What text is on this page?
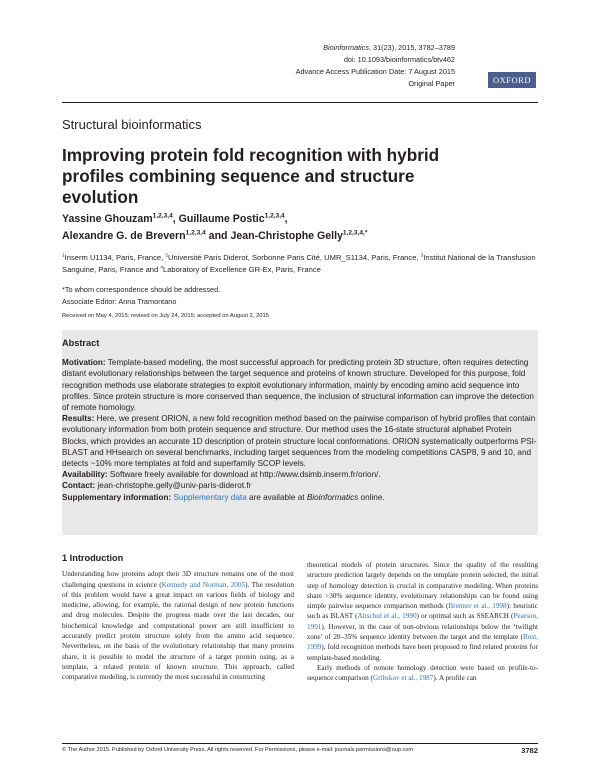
Bioinformatics, 31(23), 2015, 3782–3789
doi: 10.1093/bioinformatics/btv462
Advance Access Publication Date: 7 August 2015
Original Paper	OXFORD
Structural bioinformatics
Improving protein fold recognition with hybrid profiles combining sequence and structure evolution
Yassine Ghouzam$^{1,2,3,4}$, Guillaume Postic$^{1,2,3,4}$,
Alexandre G. de Brevern$^{1,2,3,4}$ and Jean-Christophe Gelly$^{1,2,3,4,*}$
$^1$Inserm U1134, Paris, France, $^2$Université Paris Diderot, Sorbonne Paris Cité, UMR_S1134, Paris, France, $^3$Institut National de la Transfusion Sanguine, Paris, France and $^4$Laboratory of Excellence GR-Ex, Paris, France
*To whom correspondence should be addressed.
Associate Editor: Anna Tramontano
Received on May 4, 2015; revised on July 24, 2015; accepted on August 2, 2015
Abstract

Motivation: Template-based modeling, the most successful approach for predicting protein 3D structure, often requires detecting distant evolutionary relationships between the target sequence and proteins of known structure. Developed for this purpose, fold recognition methods use elaborate strategies to exploit evolutionary information, mainly by encoding amino acid sequence into profiles. Since protein structure is more conserved than sequence, the inclusion of structural information can improve the detection of remote homology.

Results: Here, we present ORION, a new fold recognition method based on the pairwise comparison of hybrid profiles that contain evolutionary information from both protein sequence and structure. Our method uses the 16-state structural alphabet Protein Blocks, which provides an accurate 1D description of protein structure local conformations. ORION systematically outperforms PSI-BLAST and HHsearch on several benchmarks, including target sequences from the modeling competitions CASP8, 9 and 10, and detects ~10% more templates at fold and superfamily SCOP levels.

Availability: Software freely available for download at http://www.dsimb.inserm.fr/orion/.

Contact: jean-christophe.gelly@univ-paris-diderot.fr

Supplementary information: Supplementary data are available at Bioinformatics online.

1 Introduction

Understanding how proteins adopt their 3D structure remains one of the most challenging questions in science (Kennedy and Norman, 2005). The resolution of this problem would have a great impact on various fields of biology and medicine, allowing, for example, the rational design of new protein functions and drug molecules. Despite the progress made over the last decades, our biochemical knowledge and computational power are still insufficient to accurately predict protein structure solely from the amino acid sequence. Nevertheless, on the basis of the evolutionary relationship that many proteins share, it is possible to model the structure of a target protein using, as a template, a related protein of known structure. This approach, called comparative modeling, is currently the most successful in constructing

theoretical models of protein structures. Since the quality of the resulting structure prediction largely depends on the template protein selected, the initial step of homology detection is crucial in comparative modeling. When proteins share >30% sequence identity, evolutionary relationships can be found using simple pairwise sequence comparison methods (Brenner et al., 1998): heuristic such as BLAST (Altschul et al., 1990) or optimal such as SSEARCH (Pearson, 1991). However, in the case of non-obvious relationships below the ‘twilight zone’ of 20–35% sequence identity between the target and the template (Rost, 1999), fold recognition methods have been proposed to find related proteins for template-based modeling.

Early methods of remote homology detection were based on profile-to-sequence comparison (Gribskov et al., 1987). A profile can

© The Author 2015. Published by Oxford University Press. All rights reserved. For Permissions, please e-mail: journals.permissions@oup.com	3782
